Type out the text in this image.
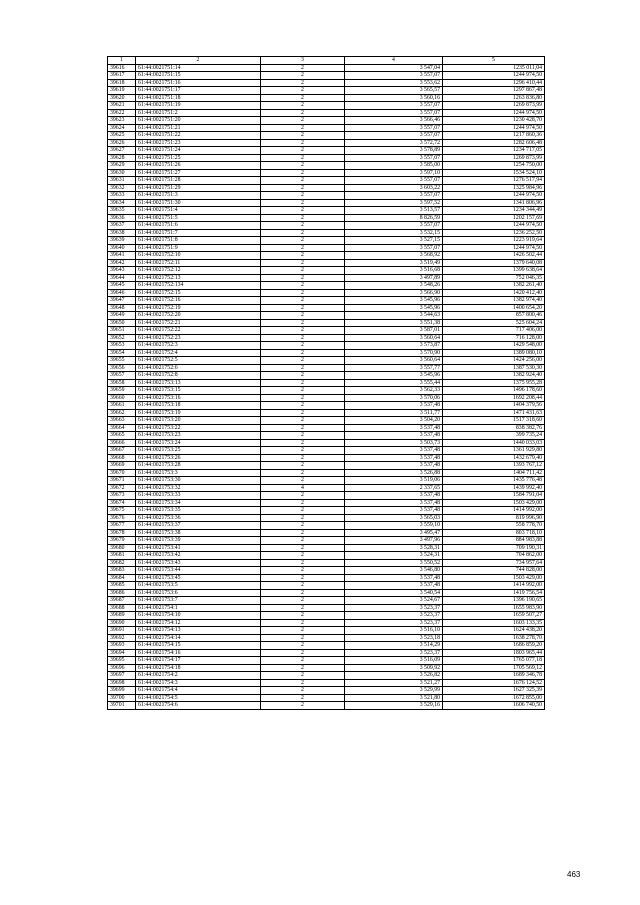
1	2	3	4	5
39616	61:44:0021751:14	2	3 547,04	1235 011,04
39617	61:44:0021751:15	2	3 557,07	1244 974,50
39618	61:44:0021751:16	2	3 553,62	1296 410,44
39619	61:44:0021751:17	2	3 565,57	1297 867,48
39620	61:44:0021751:18	2	3 560,16	1263 836,80
39621	61:44:0021751:19	2	3 557,07	1269 873,99
39622	61:44:0021751:2	2	3 557,07	1244 974,50
39623	61:44:0021751:20	2	3 566,46	1230 428,70
39624	61:44:0021751:21	2	3 557,07	1244 974,50
39625	61:44:0021751:22	2	3 557,07	1217 860,36
39626	61:44:0021751:23	2	3 572,72	1282 606,48
39627	61:44:0021751:24	2	3 578,89	1234 717,05
39628	61:44:0021751:25	2	3 557,07	1269 873,99
39629	61:44:0021751:26	2	3 585,00	1254 750,00
39630	61:44:0021751:27	2	3 597,10	1534 524,10
39631	61:44:0021751:28	2	3 557,07	1276 517,94
39632	61:44:0021751:29	2	3 603,22	1325 984,96
39633	61:44:0021751:3	2	3 557,07	1244 974,50
39634	61:44:0021751:30	2	3 597,52	1341 806,96
39635	61:44:0021751:4	2	3 513,57	1234 344,49
39636	61:44:0021751:5	2	8 826,59	1202 157,69
39637	61:44:0021751:6	2	3 557,07	1244 974,50
39638	61:44:0021751:7	2	3 532,15	1236 252,50
39639	61:44:0021751:8	2	3 527,15	1223 919,64
39640	61:44:0021751:9	2	3 557,07	1244 974,50
39641	61:44:0021752:10	2	3 568,92	1426 502,44
39642	61:44:0021752:11	2	3 519,49	1379 640,08
39643	61:44:0021752:12	2	3 516,68	1399 638,64
39644	61:44:0021752:13	2	3 497,89	752 046,35
39645	61:44:0021752:134	2	3 548,26	1382 261,40
39646	61:44:0021752:15	2	3 566,90	1420 412,40
39647	61:44:0021752:16	2	3 545,96	1382 974,40
39648	61:44:0021752:19	2	3 545,96	1400 654,20
39649	61:44:0021752:20	2	3 544,63	857 800,46
39650	61:44:0021752:21	2	3 551,38	525 604,24
39651	61:44:0021752:22	2	3 587,01	717 406,00
39652	61:44:0021752:23	2	3 560,64	716 128,00
39653	61:44:0021752:3	2	3 573,87	1429 548,00
39654	61:44:0021752:4	2	3 570,90	1389 080,10
39655	61:44:0021752:5	2	3 560,64	1424 256,00
39656	61:44:0021752:6	2	3 557,77	1387 530,30
39657	61:44:0021752:8	2	3 545,96	1382 924,40
39658	61:44:0021753:13	2	3 555,44	1375 955,28
39659	61:44:0021753:15	2	3 562,33	1496 178,60
39660	61:44:0021753:16	2	3 570,06	1692 208,44
39661	61:44:0021753:18	2	3 537,48	1404 379,56
39662	61:44:0021753:19	2	3 511,77	1471 431,63
39663	61:44:0021753:20	2	3 504,20	1517 318,60
39664	61:44:0021753:22	2	3 537,48	838 382,76
39665	61:44:0021753:23	2	3 537,48	399 735,24
39666	61:44:0021753:24	2	3 503,73	1440 033,03
39667	61:44:0021753:25	2	3 537,48	1361 929,80
39668	61:44:0021753:26	2	3 537,48	1432 679,40
39669	61:44:0021753:28	2	3 537,48	1393 767,12
39670	61:44:0021753:3	2	3 526,88	1404 711,42
39671	61:44:0021753:30	2	3 519,06	1435 776,48
39672	61:44:0021753:32	4	2 337,65	1439 992,40
39673	61:44:0021753:33	2	3 537,48	1584 791,04
39674	61:44:0021753:34	2	3 537,48	1503 429,00
39675	61:44:0021753:35	2	3 537,48	1414 992,00
39676	61:44:0021753:36	2	3 565,03	819 996,90
39677	61:44:0021753:37	2	3 559,10	558 778,70
39678	61:44:0021753:38	2	3 495,47	803 718,10
39679	61:44:0021753:39	2	3 497,96	884 983,88
39680	61:44:0021753:41	2	3 528,31	709 190,31
39681	61:44:0021753:42	2	3 524,31	704 862,00
39682	61:44:0021753:43	2	3 550,52	734 957,64
39683	61:44:0021753:44	2	3 546,80	744 828,00
39684	61:44:0021753:45	2	3 537,48	1503 429,00
39685	61:44:0021753:5	2	3 537,48	1414 992,00
39686	61:44:0021753:6	2	3 540,54	1419 756,54
39687	61:44:0021753:7	2	3 524,67	1396 190,65
39688	61:44:0021754:1	2	3 523,37	1655 983,90
39689	61:44:0021754:10	2	3 523,37	1659 507,27
39690	61:44:0021754:12	2	3 523,37	1603 133,35
39691	61:44:0021754:13	2	3 516,10	1624 438,20
39692	61:44:0021754:14	2	3 523,18	1638 278,70
39693	61:44:0021754:15	2	3 514,29	1686 859,20
39694	61:44:0021754:16	2	3 523,37	1803 965,44
39695	61:44:0021754:17	2	3 516,09	1765 077,18
39696	61:44:0021754:18	2	3 509,92	1705 569,12
39697	61:44:0021754:2	2	3 526,82	1689 346,78
39698	61:44:0021754:3	2	3 521,27	1676 124,52
39699	61:44:0021754:4	2	3 529,99	1627 325,39
39700	61:44:0021754:5	2	3 521,80	1672 855,00
39701	61:44:0021754:6	2	3 529,16	1606 740,50
463
